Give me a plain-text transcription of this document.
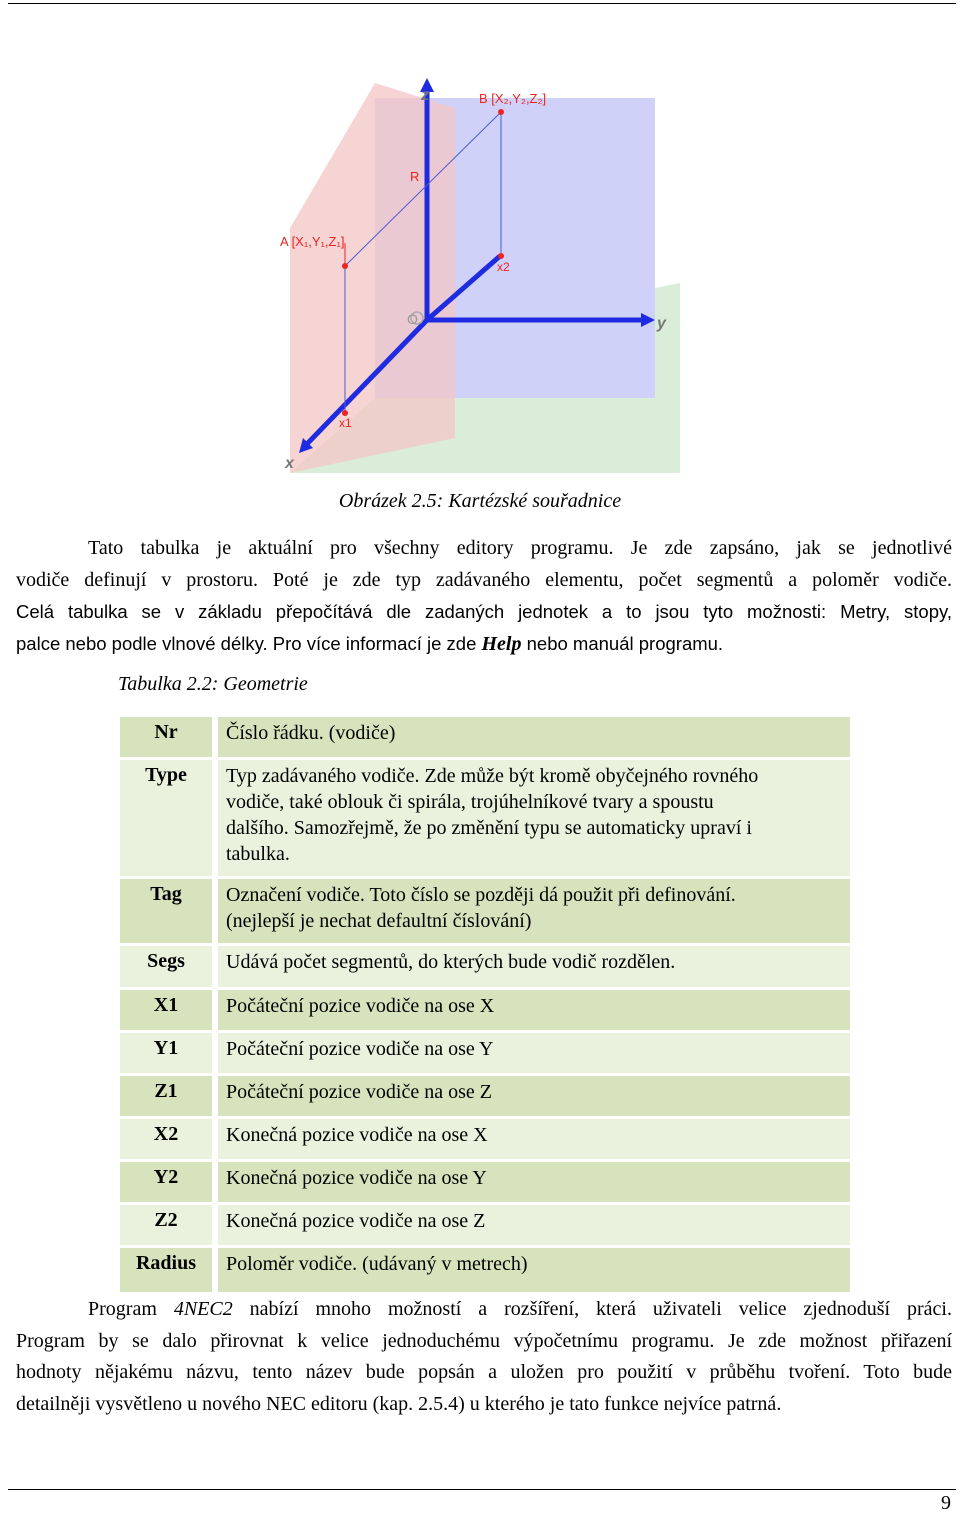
z
y
x
O
A [X₁,Y₁,Z₁]
B [X₂,Y₂,Z₂]
R
x1
x2
Obrázek 2.5: Kartézské souřadnice
Tato tabulka je aktuální pro všechny editory programu. Je zde zapsáno, jak se jednotlivé
vodiče definují v prostoru. Poté je zde typ zadávaného elementu, počet segmentů a poloměr vodiče.
Celá tabulka se v základu přepočítává dle zadaných jednotek a to jsou tyto možnosti: Metry, stopy,
palce nebo podle vlnové délky. Pro více informací je zde Help nebo manuál programu.
Tabulka 2.2: Geometrie
Nr	Číslo řádku. (vodiče)
Type	Typ zadávaného vodiče. Zde může být kromě obyčejného rovného
vodiče, také oblouk či spirála, trojúhelníkové tvary a spoustu
dalšího. Samozřejmě, že po změnění typu se automaticky upraví i
tabulka.
Tag	Označení vodiče. Toto číslo se později dá použit při definování.
(nejlepší je nechat defaultní číslování)
Segs	Udává počet segmentů, do kterých bude vodič rozdělen.
X1	Počáteční pozice vodiče na ose X
Y1	Počáteční pozice vodiče na ose Y
Z1	Počáteční pozice vodiče na ose Z
X2	Konečná pozice vodiče na ose X
Y2	Konečná pozice vodiče na ose Y
Z2	Konečná pozice vodiče na ose Z
Radius	Poloměr vodiče. (udávaný v metrech)
Program 4NEC2 nabízí mnoho možností a rozšíření, která uživateli velice zjednoduší práci.
Program by se dalo přirovnat k velice jednoduchému výpočetnímu programu. Je zde možnost přiřazení
hodnoty nějakému názvu, tento název bude popsán a uložen pro použití v průběhu tvoření. Toto bude
detailněji vysvětleno u nového NEC editoru (kap. 2.5.4) u kterého je tato funkce nejvíce patrná.
9
